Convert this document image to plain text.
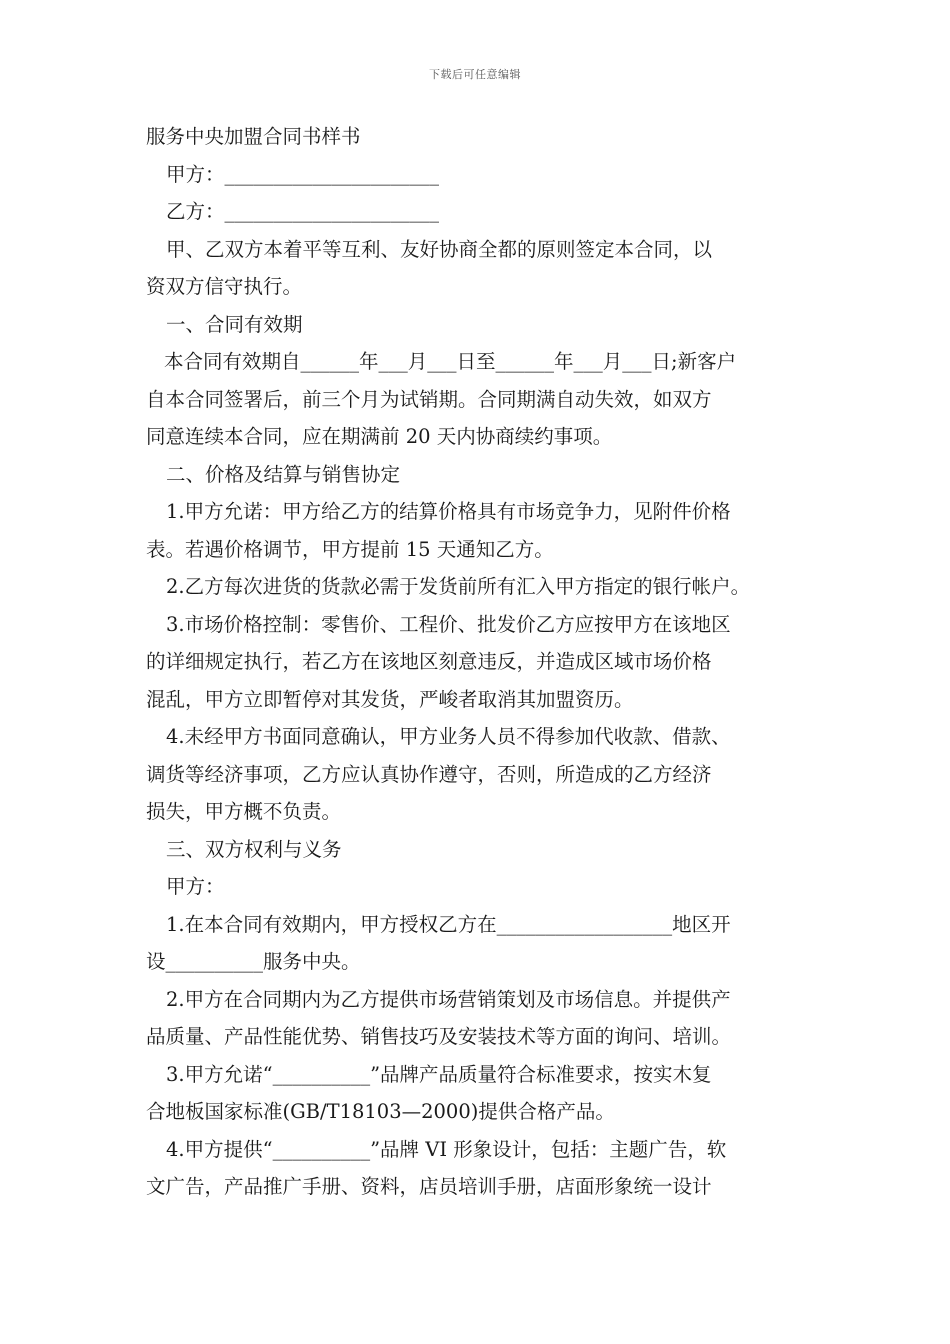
下载后可任意编辑
服务中央加盟合同书样书
甲方：______________________
乙方：______________________
甲、乙双方本着平等互利、友好协商全都的原则签定本合同，以
资双方信守执行。
一、合同有效期
本合同有效期自______年___月___日至______年___月___日;新客户
自本合同签署后，前三个月为试销期。合同期满自动失效，如双方
同意连续本合同，应在期满前 20 天内协商续约事项。
二、价格及结算与销售协定
1.甲方允诺：甲方给乙方的结算价格具有市场竞争力，见附件价格
表。若遇价格调节，甲方提前 15 天通知乙方。
2.乙方每次进货的货款必需于发货前所有汇入甲方指定的银行帐户。
3.市场价格控制：零售价、工程价、批发价乙方应按甲方在该地区
的详细规定执行，若乙方在该地区刻意违反，并造成区域市场价格
混乱，甲方立即暂停对其发货，严峻者取消其加盟资历。
4.未经甲方书面同意确认，甲方业务人员不得参加代收款、借款、
调货等经济事项，乙方应认真协作遵守，否则，所造成的乙方经济
损失，甲方概不负责。
三、双方权利与义务
甲方：
1.在本合同有效期内，甲方授权乙方在__________________地区开
设__________服务中央。
2.甲方在合同期内为乙方提供市场营销策划及市场信息。并提供产
品质量、产品性能优势、销售技巧及安装技术等方面的询问、培训。
3.甲方允诺“__________”品牌产品质量符合标准要求，按实木复
合地板国家标准(GB/T18103—2000)提供合格产品。
4.甲方提供“__________”品牌 VI 形象设计，包括：主题广告，软
文广告，产品推广手册、资料，店员培训手册，店面形象统一设计
